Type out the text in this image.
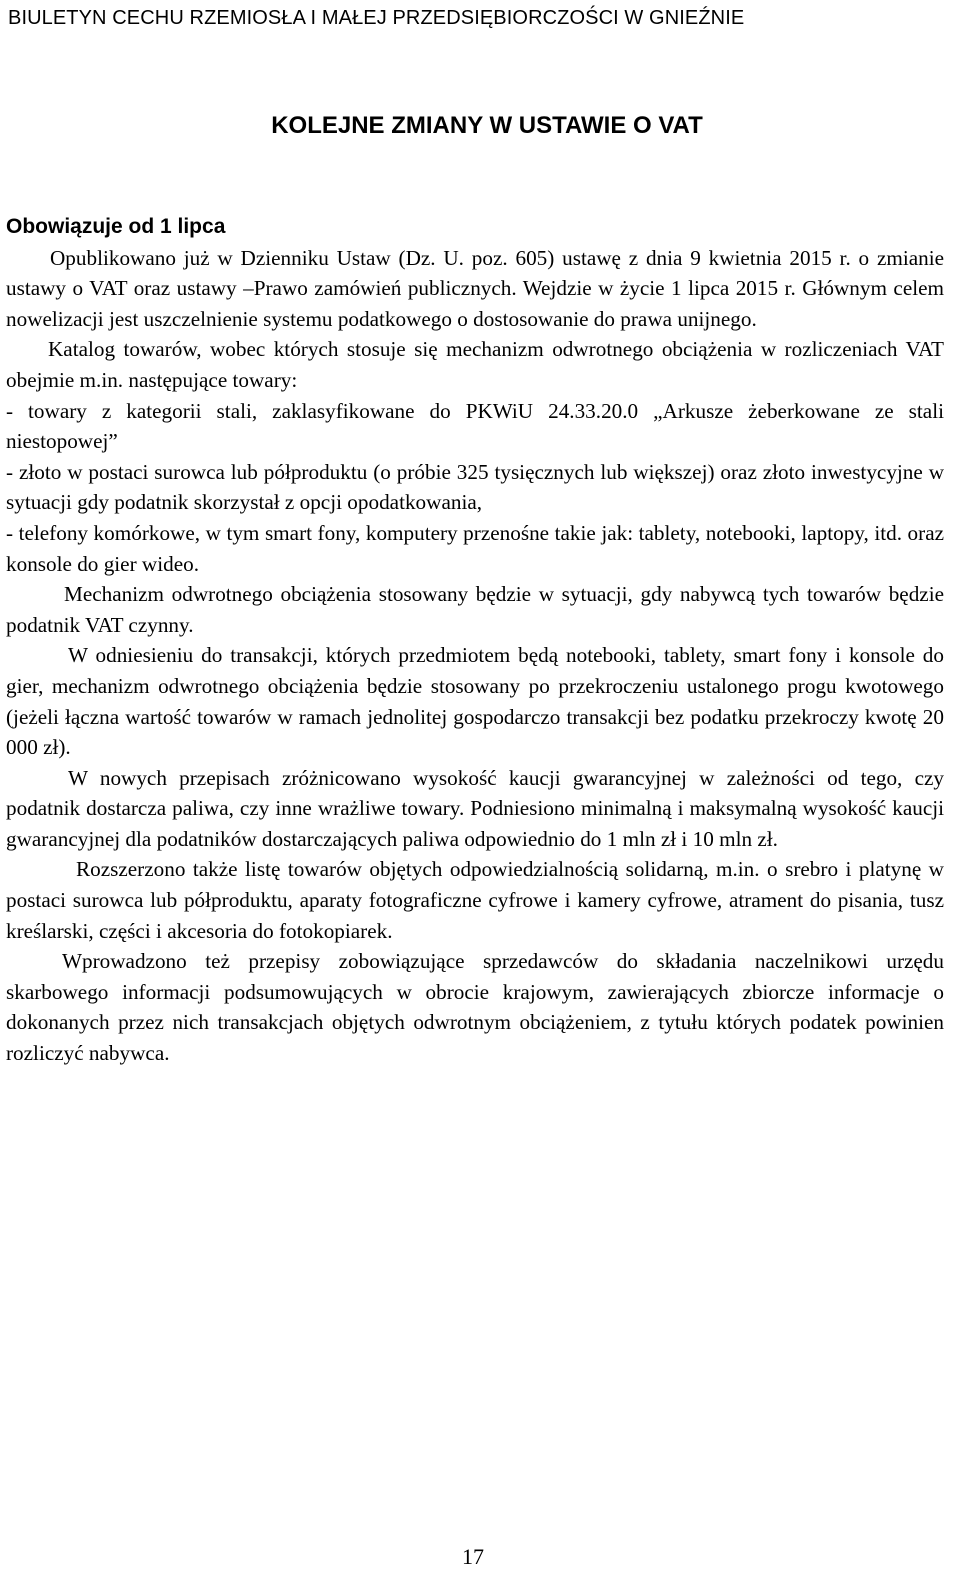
BIULETYN CECHU RZEMIOSŁA I MAŁEJ PRZEDSIĘBIORCZOŚCI W GNIEŹNIE
KOLEJNE ZMIANY W USTAWIE O VAT

Obowiązuje od 1 lipca

Opublikowano już w Dzienniku Ustaw (Dz. U. poz. 605) ustawę z dnia 9 kwietnia 2015 r. o zmianie ustawy o VAT oraz ustawy –Prawo zamówień publicznych. Wejdzie w życie 1 lipca 2015 r. Głównym celem nowelizacji jest uszczelnienie systemu podatkowego o dostosowanie do prawa unijnego.

Katalog towarów, wobec których stosuje się mechanizm odwrotnego obciążenia w rozliczeniach VAT obejmie m.in. następujące towary:

- towary z kategorii stali, zaklasyfikowane do PKWiU 24.33.20.0 „Arkusze żeberkowane ze stali niestopowej”

- złoto w postaci surowca lub półproduktu (o próbie 325 tysięcznych lub większej) oraz złoto inwestycyjne w sytuacji gdy podatnik skorzystał z opcji opodatkowania,

- telefony komórkowe, w tym smart fony, komputery przenośne takie jak: tablety, notebooki, laptopy, itd. oraz konsole do gier wideo.

Mechanizm odwrotnego obciążenia stosowany będzie w sytuacji, gdy nabywcą tych towarów będzie podatnik VAT czynny.

W odniesieniu do transakcji, których przedmiotem będą notebooki, tablety, smart fony i konsole do gier, mechanizm odwrotnego obciążenia będzie stosowany po przekroczeniu ustalonego progu kwotowego (jeżeli łączna wartość towarów w ramach jednolitej gospodarczo transakcji bez podatku przekroczy kwotę 20 000 zł).

W nowych przepisach zróżnicowano wysokość kaucji gwarancyjnej w zależności od tego, czy podatnik dostarcza paliwa, czy inne wrażliwe towary. Podniesiono minimalną i maksymalną wysokość kaucji gwarancyjnej dla podatników dostarczających paliwa odpowiednio do 1 mln zł i 10 mln zł.

Rozszerzono także listę towarów objętych odpowiedzialnością solidarną, m.in. o srebro i platynę w postaci surowca lub półproduktu, aparaty fotograficzne cyfrowe i kamery cyfrowe, atrament do pisania, tusz kreślarski, części i akcesoria do fotokopiarek.

Wprowadzono też przepisy zobowiązujące sprzedawców do składania naczelnikowi urzędu skarbowego informacji podsumowujących w obrocie krajowym, zawierających zbiorcze informacje o dokonanych przez nich transakcjach objętych odwrotnym obciążeniem, z tytułu których podatek powinien rozliczyć nabywca.

17
